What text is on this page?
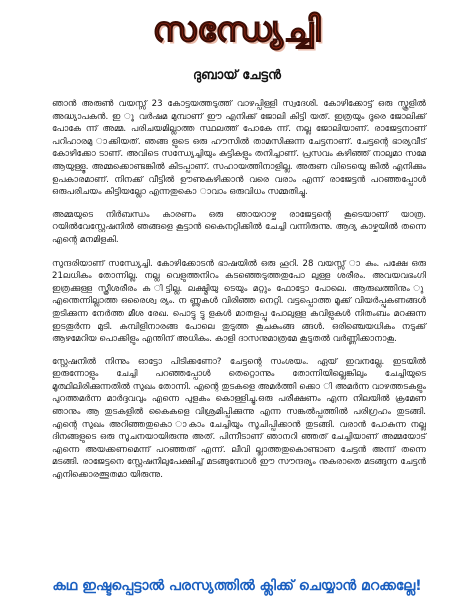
സന്ധ്യേച്ചി
ദുബായ് ചേട്ടൻ

ഞാൻ അരുൺ വയസ്സ് 23 കോട്ടയത്തടുത്ത് വാഴപ്പിള്ളി സ്വദേശി. കോഴിക്കോട്ട് ഒരു സ്കൂളിൽ അദ്ധ്യാപകൻ. ഇ ൂ വർഷമ മുമ്പാണ് ഈ എനിക്ക് ജോലി കിട്ടി യത്. ഇത്രയും ദൂരെ ജോലിക്ക് പോകേ ന്ന് അമ്മ. പരിചയമില്ലാത്ത സ്ഥലത്ത് പോകേ ന്ന്. നല്ല ജോലിയാണ്. രാജേട്ടനാണ് പറിഹാരമു ാക്കിയത്. ഞങ്ങ ളുടെ ഒരു ഹൗസിൽ താമസിക്കുന്ന ചേട്ടനാണ്. ചേട്ടന്റെ ഭാര്യവീട് കോഴിക്കോ ടാണ്. അവിടെ സന്ധ്യേച്ചിയും കുട്ടികളും തനിച്ചാണ്. പ്രസവം കഴിഞ്ഞ് നാലുമാ സമേ ആയുള്ളൂ. അമ്മക്കൊണ്ടങ്കിൽ കിടപ്പാണ്. സഹായത്തിനാളില്ല. അരുണ വിടെയുെ ങ്കിൽ എനിക്കും ഉപകാരമാണ്. നിനക്ക് വീട്ടിൽ ഊണുകഴിക്കാൻ വരെ വരാം എന്ന് രാജേട്ടൻ പറഞ്ഞപ്പോൾ ഒരുപരിചയം കിട്ടിയല്ലോ എന്നതുകൊ ാവാം ഒരുവിധം സമ്മതിച്ചു.

അമ്മയുടെ നിർബന്ധം കാരണം ഒരു ഞായറാഴ്ച രാജേട്ടന്റെ കൂടെയാണ് യാത്ര. റയിൽവേസ്റ്റേഷനിൽ ഞങ്ങളെ കൂട്ടാൻ കൈനറ്റിക്കിൽ ചേച്ചി വന്നിരുന്നു. ആദ്യ കാഴ്ചയിൽ തന്നെ എന്റെ മനമിളകി.

സുന്ദരിയാണ് സന്ധ്യേച്ചി. കോഴിക്കോടൻ ഭാഷയിൽ ഒരു ഹൂറി. 28 വയസ്സ് ാ കും. പക്ഷേ ഒരു 21ലധികം തോന്നില്ല. നല്ല വെളുത്തനിറം കടഞ്ഞെടുത്തതുപോ ലുള്ള ശരീരം. അവയവഭംഗി ഇത്രക്കുള്ള സ്ത്രീശരീരം ക ിട്ടില്ല. ലക്ഷ്മിയു ടെയും മറ്റും ഫോട്ടോ പോലെ. ആരുഖത്തിനും ു എന്തെന്നില്ലാത്ത ഒരൈശ്വ ര്യം. ന ണ്ണുകൾ വിരിഞ്ഞ നെറ്റി. വട്ടപ്പൊത്ത മൂക്ക് വിയർപ്പുകണങ്ങൾ തുടിക്കുന്ന നേർത്ത മീശ രേഖ. പൊട്ടു ട്ടു ളകൾ മാതളപ്പൂ പോലുള്ള കവിളുകൾ നിതംബം മറക്കുന്ന ഇടതൂർന്ന മുടി. കമ്പിളിനാരങ്ങ പോലെ തുടുത്ത കൂചകുംങ്ങ ങ്ങൾ. ഒരിഞ്ചെയധികം നടുക്ക് ആഴമേറിയ പൊക്കിളും എന്തിന് അധികം. കാളി ദാസനുമാത്രമേ കൂടുതൽ വർണ്ണിക്കാനാകൂ.

സ്റ്റേഷനിൽ നിന്നും ഓട്ടോ പിടിക്കണോ? ചേട്ടന്റെ സംശയം. ഏയ് ഇവനല്ലേ. ഇടയിൽ ഇരുന്നോളും ചേച്ചി പറഞ്ഞപ്പോൾ തെറ്റൊന്നും തോന്നിയില്ലെങ്കിലും ചേച്ചിയുടെ മൂത്ഥിലിരിക്കുന്നതിൽ സുഖം തോന്നി. എന്റെ തുടകളെ അമർത്തി ക്കൊ ി അമർന്ന വാഴത്തടകളും പുറത്തമർന്ന മാർദ്ദവവും എന്നെ പുളകം കൊള്ളിച്ചു.ഒരു പരീക്ഷണം എന്ന നിലയിൽ ക്രമേണ ഞാനും ആ തുടകളിൽ കൈകളെ വിശ്രമിപ്പിക്കുന്നു എന്ന സങ്കൽപ്പത്തിൽ പരിഗ്രഹം തുടങ്ങി. എന്റെ സുഖം അറിഞ്ഞതുകൊ ാകാം ചേച്ചിയും സൂചിപ്പിക്കാൻ തുടങ്ങി. വരാൻ പോകുന്ന നല്ല ദിനങ്ങളുടെ ഒരു സൂചനയായിരുന്നു അത്. പിന്നീടാണ് ഞാനറി ഞ്ഞത് ചേച്ചിയാണ് അമ്മയോട് എന്നെ അയക്കണമെന്ന് പറഞ്ഞത് എന്ന്. ലീവി ല്ലാത്തതുകൊണ്ടാണ ചേട്ടൻ അന്ന് തന്നെ മടങ്ങി. രാജേട്ടനെ സ്റ്റേഷനിലുപേക്ഷിച്ച് മടങ്ങുമ്പോൾ ഈ സൗന്ദര്യം നുകരാതെ മടങ്ങുന്ന ചേട്ടൻ എനിക്കൊരത്ഭുതമാ യിരുന്നു.

കഥ ഇഷ്ടപ്പെട്ടാൽ പരസ്യത്തിൽ ക്ലിക്ക് ചെയ്യാൻ മറക്കല്ലേ!
